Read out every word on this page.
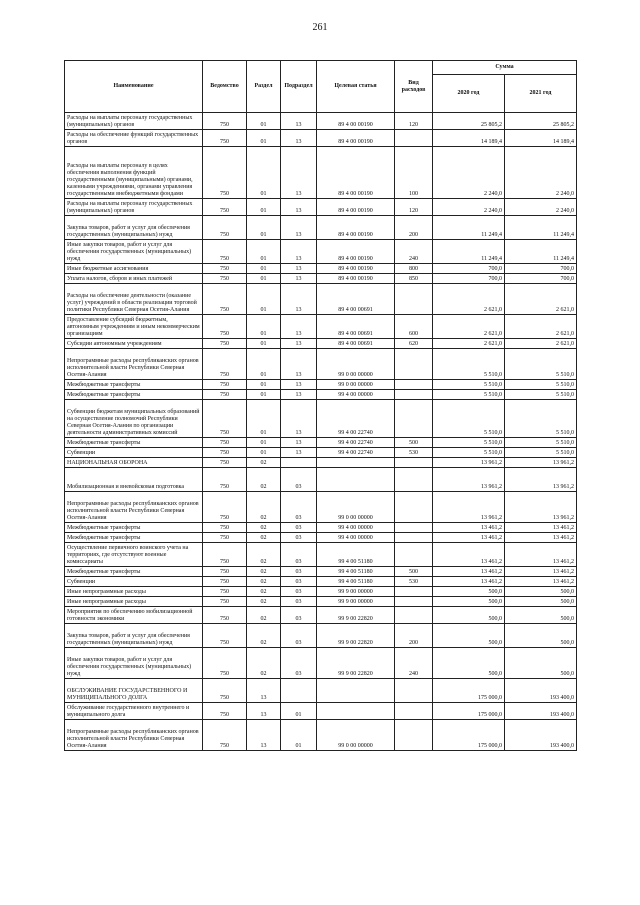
261
Наименование	Ведомство	Раздел	Подраздел	Целевая статья	Вид расходов	Сумма	
						2020 год	2021 год
Расходы на выплаты персоналу государственных (муниципальных) органов	750	01	13	89 4 00 00190	120	25 805,2	25 805,2
Расходы на обеспечение функций государственных органов	750	01	13	89 4 00 00190		14 189,4	14 189,4
Расходы на выплаты персоналу в целях обеспечения выполнения функций государственными (муниципальными) органами, казенными учреждениями, органами управления государственными внебюджетными фондами	750	01	13	89 4 00 00190	100	2 240,0	2 240,0
Расходы на выплаты персоналу государственных (муниципальных) органов	750	01	13	89 4 00 00190	120	2 240,0	2 240,0
Закупка товаров, работ и услуг для обеспечения государственных (муниципальных) нужд	750	01	13	89 4 00 00190	200	11 249,4	11 249,4
Иные закупки товаров, работ и услуг для обеспечения государственных (муниципальных) нужд	750	01	13	89 4 00 00190	240	11 249,4	11 249,4
Иные бюджетные ассигнования	750	01	13	89 4 00 00190	800	700,0	700,0
Уплата налогов, сборов и иных платежей	750	01	13	89 4 00 00190	850	700,0	700,0
Расходы на обеспечение деятельности (оказание услуг) учреждений в области реализации торговой политики Республики Северная Осетия-Алания	750	01	13	89 4 00 00691		2 621,0	2 621,0
Предоставление субсидий бюджетным, автономным учреждениям и иным некоммерческим организациям	750	01	13	89 4 00 00691	600	2 621,0	2 621,0
Субсидии автономным учреждениям	750	01	13	89 4 00 00691	620	2 621,0	2 621,0
Непрограммные расходы республиканских органов исполнительной власти Республики Северная Осетия-Алания	750	01	13	99 0 00 00000		5 510,0	5 510,0
Межбюджетные трансферты	750	01	13	99 0 00 00000		5 510,0	5 510,0
Межбюджетные трансферты	750	01	13	99 4 00 00000		5 510,0	5 510,0
Субвенции бюджетам муниципальных образований на осуществление полномочий Республики Северная Осетия-Алания по организации деятельности административных комиссий	750	01	13	99 4 00 22740		5 510,0	5 510,0
Межбюджетные трансферты	750	01	13	99 4 00 22740	500	5 510,0	5 510,0
Субвенции	750	01	13	99 4 00 22740	530	5 510,0	5 510,0
НАЦИОНАЛЬНАЯ ОБОРОНА	750	02				13 961,2	13 961,2
Мобилизационная и вневойсковая подготовка	750	02	03			13 961,2	13 961,2
Непрограммные расходы республиканских органов исполнительной власти Республики Северная Осетия-Алания	750	02	03	99 0 00 00000		13 961,2	13 961,2
Межбюджетные трансферты	750	02	03	99 4 00 00000		13 461,2	13 461,2
Межбюджетные трансферты	750	02	03	99 4 00 00000		13 461,2	13 461,2
Осуществление первичного воинского учета на территориях, где отсутствуют военные комиссариаты	750	02	03	99 4 00 51180		13 461,2	13 461,2
Межбюджетные трансферты	750	02	03	99 4 00 51180	500	13 461,2	13 461,2
Субвенции	750	02	03	99 4 00 51180	530	13 461,2	13 461,2
Иные непрограммные расходы	750	02	03	99 9 00 00000		500,0	500,0
Иные непрограммные расходы	750	02	03	99 9 00 00000		500,0	500,0
Мероприятия по обеспечению мобилизационной готовности экономики	750	02	03	99 9 00 22820		500,0	500,0
Закупка товаров, работ и услуг для обеспечения государственных (муниципальных) нужд	750	02	03	99 9 00 22820	200	500,0	500,0
Иные закупки товаров, работ и услуг для обеспечения государственных (муниципальных) нужд	750	02	03	99 9 00 22820	240	500,0	500,0
ОБСЛУЖИВАНИЕ ГОСУДАРСТВЕННОГО И МУНИЦИПАЛЬНОГО ДОЛГА	750	13				175 000,0	193 400,0
Обслуживание государственного внутреннего и муниципального долга	750	13	01			175 000,0	193 400,0
Непрограммные расходы республиканских органов исполнительной власти Республики Северная Осетия-Алания	750	13	01	99 0 00 00000		175 000,0	193 400,0
